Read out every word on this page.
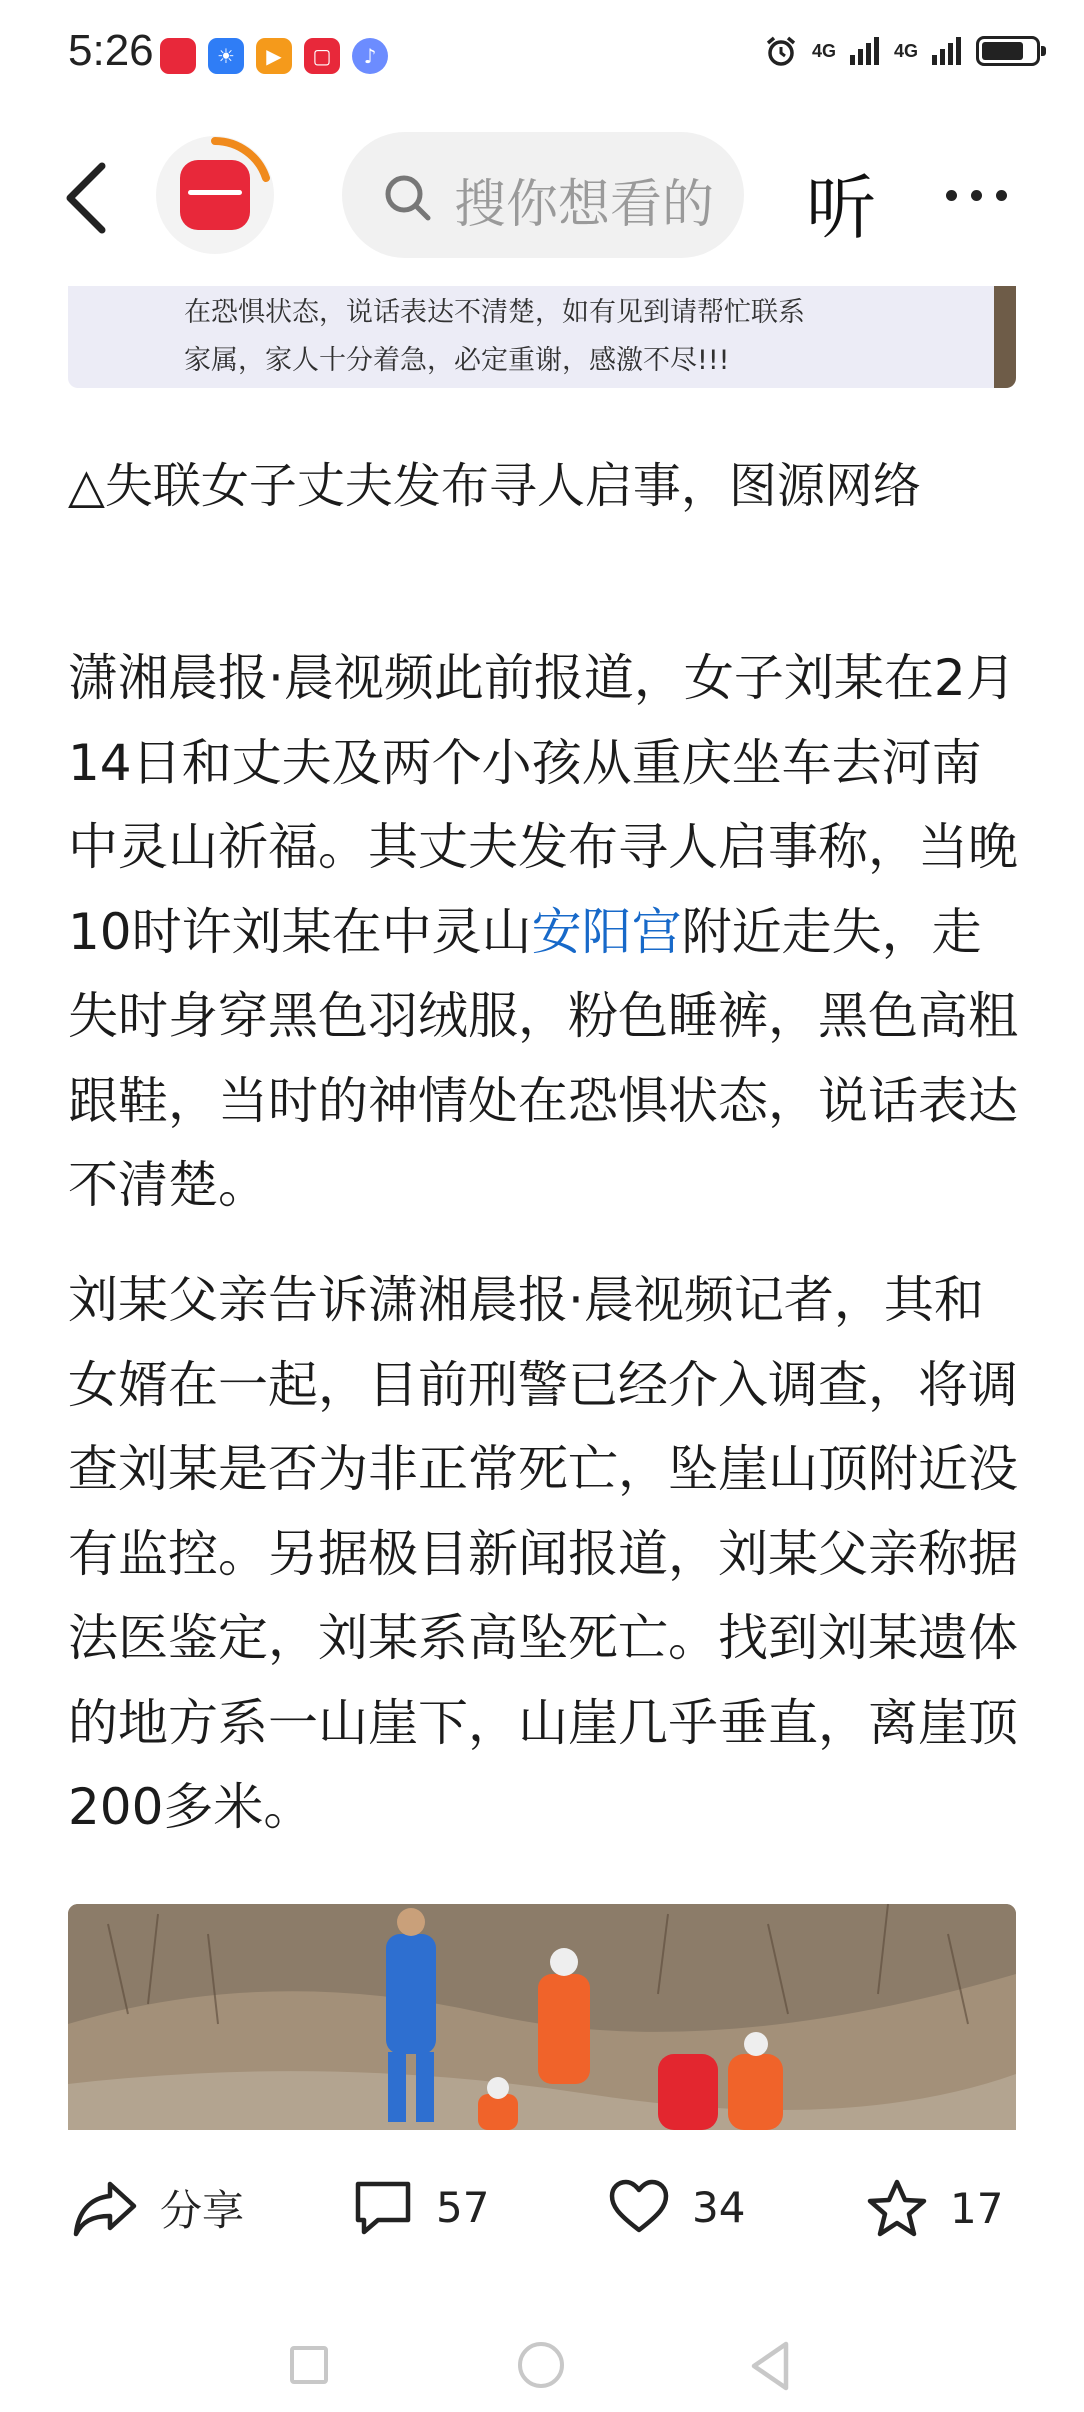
5:26	☀	▶	▢	♪	4G	4G
搜你想看的 听
在恐惧状态，说话表达不清楚，如有见到请帮忙联系
家属，家人十分着急，必定重谢，感激不尽!!!
△失联女子丈夫发布寻人启事，图源网络
潇湘晨报·晨视频此前报道，女子刘某在2月14日和丈夫及两个小孩从重庆坐车去河南中灵山祈福。其丈夫发布寻人启事称，当晚10时许刘某在中灵山安阳宫附近走失，走失时身穿黑色羽绒服，粉色睡裤，黑色高粗跟鞋，当时的神情处在恐惧状态，说话表达不清楚。
刘某父亲告诉潇湘晨报·晨视频记者，其和女婿在一起，目前刑警已经介入调查，将调查刘某是否为非正常死亡，坠崖山顶附近没有监控。另据极目新闻报道，刘某父亲称据法医鉴定，刘某系高坠死亡。找到刘某遗体的地方系一山崖下，山崖几乎垂直，离崖顶200多米。
分享	57	34	17
